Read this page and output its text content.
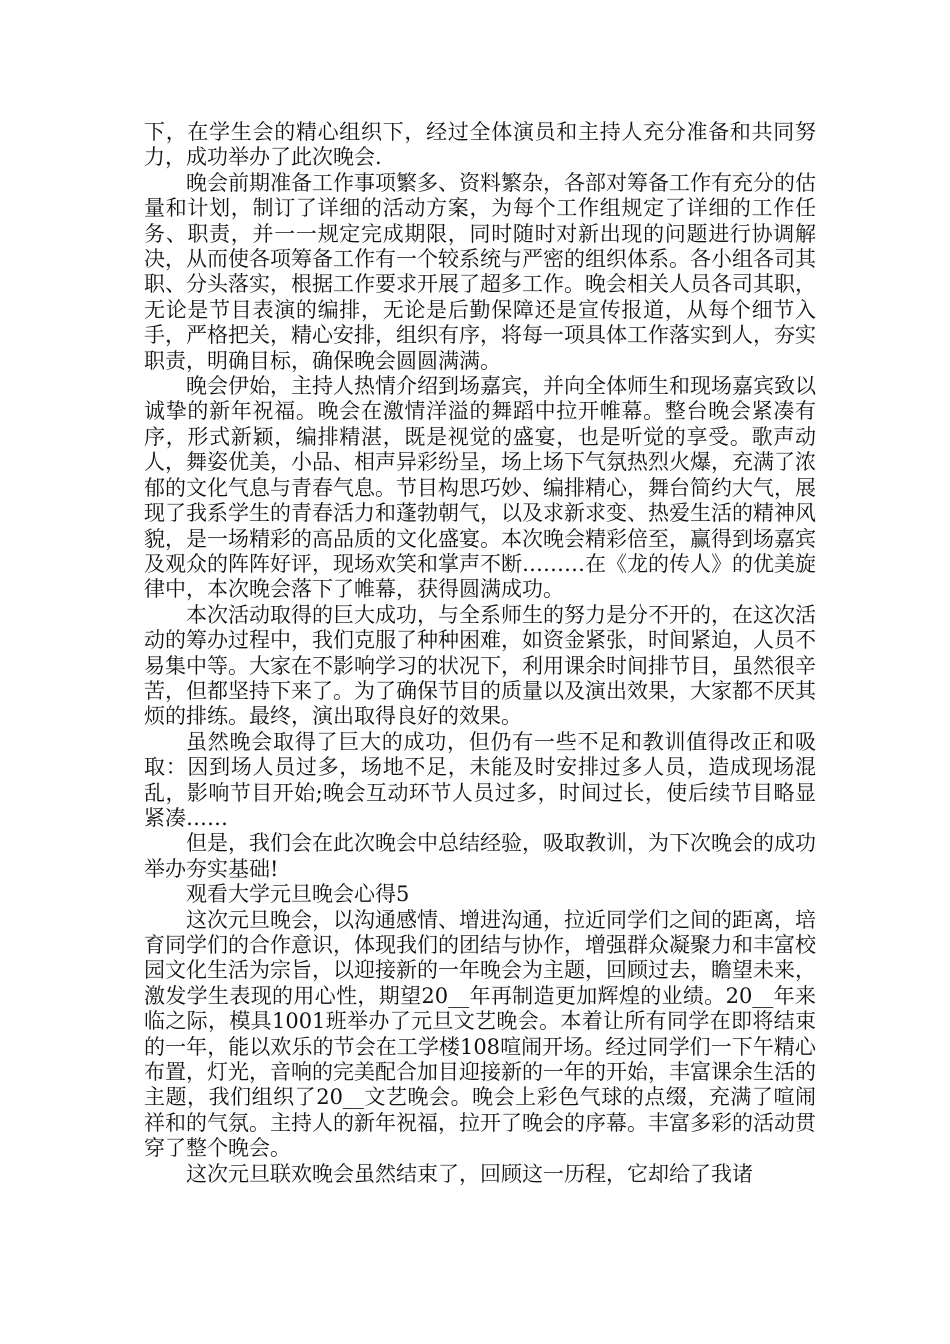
下，在学生会的精心组织下，经过全体演员和主持人充分准备和共同努力，成功举办了此次晚会.

晚会前期准备工作事项繁多、资料繁杂，各部对筹备工作有充分的估量和计划，制订了详细的活动方案，为每个工作组规定了详细的工作任务、职责，并一一规定完成期限，同时随时对新出现的问题进行协调解决，从而使各项筹备工作有一个较系统与严密的组织体系。各小组各司其职、分头落实，根据工作要求开展了超多工作。晚会相关人员各司其职，无论是节目表演的编排，无论是后勤保障还是宣传报道，从每个细节入手，严格把关，精心安排，组织有序，将每一项具体工作落实到人，夯实职责，明确目标，确保晚会圆圆满满。

晚会伊始，主持人热情介绍到场嘉宾，并向全体师生和现场嘉宾致以诚挚的新年祝福。晚会在激情洋溢的舞蹈中拉开帷幕。整台晚会紧凑有序，形式新颖，编排精湛，既是视觉的盛宴，也是听觉的享受。歌声动人，舞姿优美，小品、相声异彩纷呈，场上场下气氛热烈火爆，充满了浓郁的文化气息与青春气息。节目构思巧妙、编排精心，舞台简约大气，展现了我系学生的青春活力和蓬勃朝气，以及求新求变、热爱生活的精神风貌，是一场精彩的高品质的文化盛宴。本次晚会精彩倍至，赢得到场嘉宾及观众的阵阵好评，现场欢笑和掌声不断………在《龙的传人》的优美旋律中，本次晚会落下了帷幕，获得圆满成功。

本次活动取得的巨大成功，与全系师生的努力是分不开的，在这次活动的筹办过程中，我们克服了种种困难，如资金紧张，时间紧迫，人员不易集中等。大家在不影响学习的状况下，利用课余时间排节目，虽然很辛苦，但都坚持下来了。为了确保节目的质量以及演出效果，大家都不厌其烦的排练。最终，演出取得良好的效果。

虽然晚会取得了巨大的成功，但仍有一些不足和教训值得改正和吸取：因到场人员过多，场地不足，未能及时安排过多人员，造成现场混乱，影响节目开始;晚会互动环节人员过多，时间过长，使后续节目略显紧凑……

但是，我们会在此次晚会中总结经验，吸取教训，为下次晚会的成功举办夯实基础!

观看大学元旦晚会心得5

这次元旦晚会，以沟通感情、增进沟通，拉近同学们之间的距离，培育同学们的合作意识，体现我们的团结与协作，增强群众凝聚力和丰富校园文化生活为宗旨，以迎接新的一年晚会为主题，回顾过去，瞻望未来，激发学生表现的用心性，期望20__年再制造更加辉煌的业绩。20__年来临之际，模具1001班举办了元旦文艺晚会。本着让所有同学在即将结束的一年，能以欢乐的节会在工学楼108喧闹开场。经过同学们一下午精心布置，灯光，音响的完美配合加目迎接新的一年的开始，丰富课余生活的主题，我们组织了20__文艺晚会。晚会上彩色气球的点缀，充满了喧闹祥和的气氛。主持人的新年祝福，拉开了晚会的序幕。丰富多彩的活动贯穿了整个晚会。

这次元旦联欢晚会虽然结束了，回顾这一历程，它却给了我诸
